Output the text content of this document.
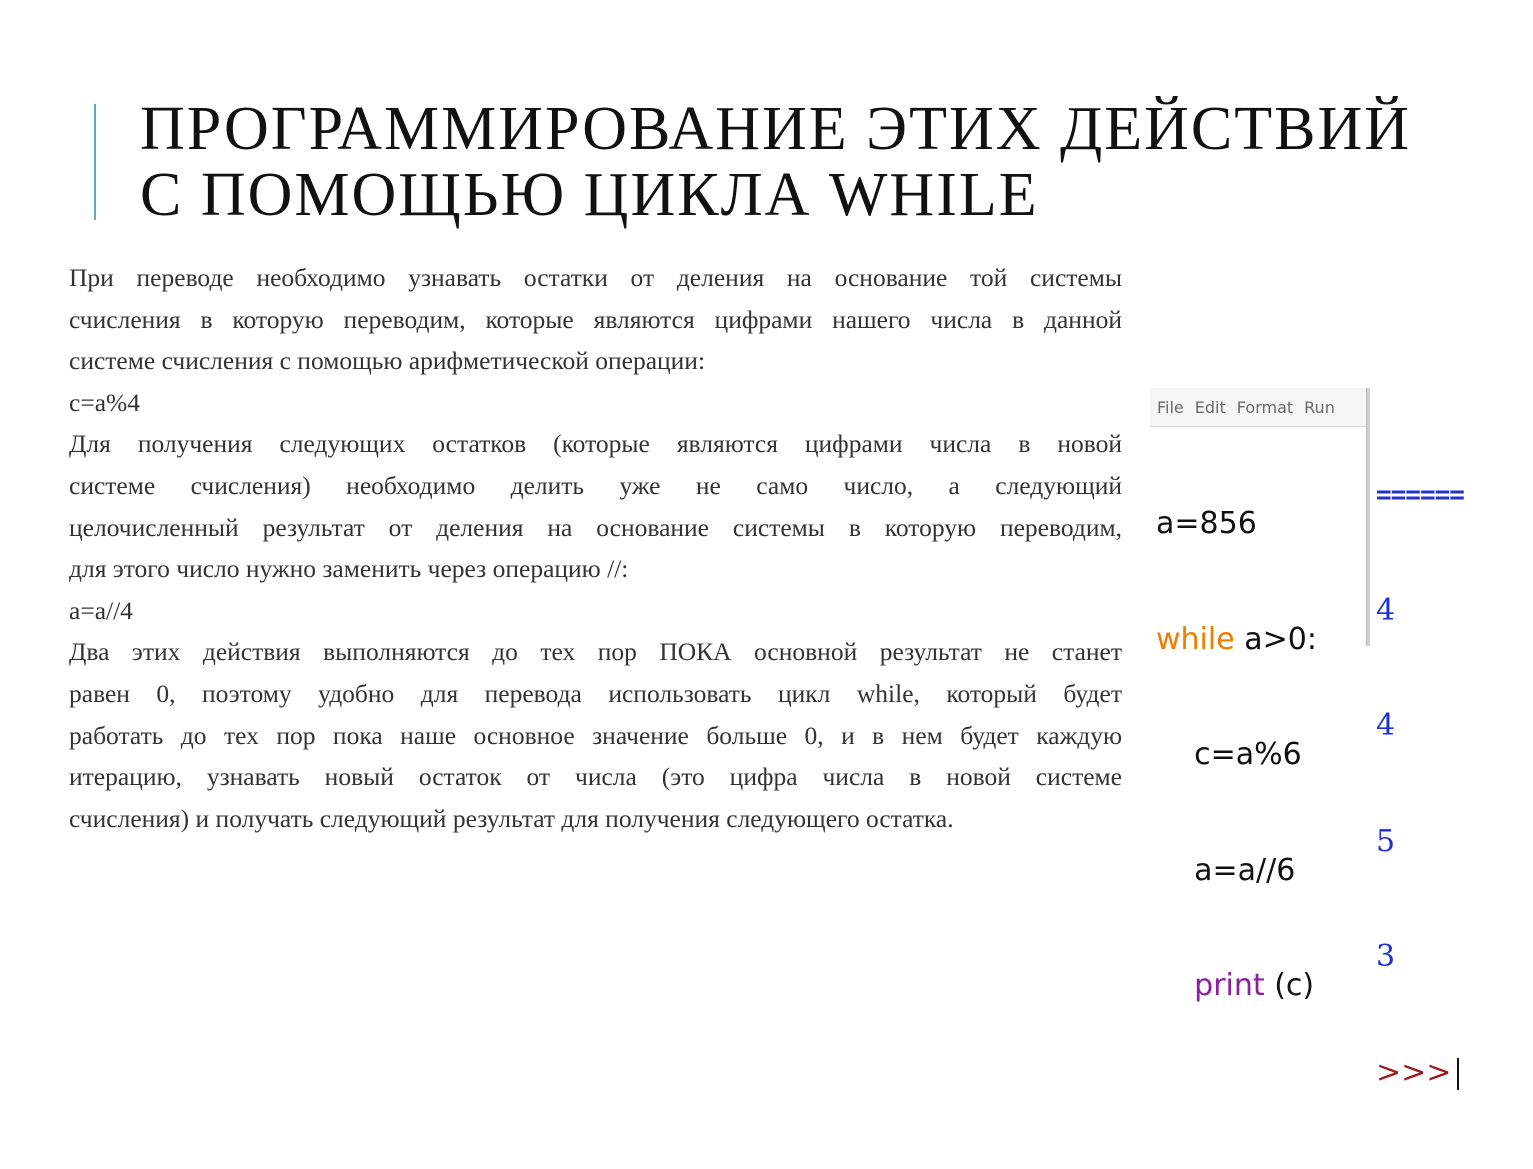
ПРОГРАММИРОВАНИЕ ЭТИХ ДЕЙСТВИЙ
С ПОМОЩЬЮ ЦИКЛА WHILE

При переводе необходимо узнавать остатки от деления на основание той системы

счисления в которую переводим, которые являются цифрами нашего числа в данной

системе счисления с помощью арифметической операции:

c=a%4

Для получения следующих остатков (которые являются цифрами числа в новой

системе счисления) необходимо делить уже не само число, а следующий

целочисленный результат от деления на основание системы в которую переводим,

для этого число нужно заменить через операцию //:

a=a//4

Два этих действия выполняются до тех пор ПОКА основной результат не станет

равен 0, поэтому удобно для перевода использовать цикл while, который будет

работать до тех пор пока наше основное значение больше 0, и в нем будет каждую

итерацию, узнавать новый остаток от числа (это цифра числа в новой системе

счисления) и получать следующий результат для получения следующего остатка.

File Edit Format Run

a=856

while a>0:

c=a%6

a=a//6

print (c)

======

4

4

5

3

>>>
